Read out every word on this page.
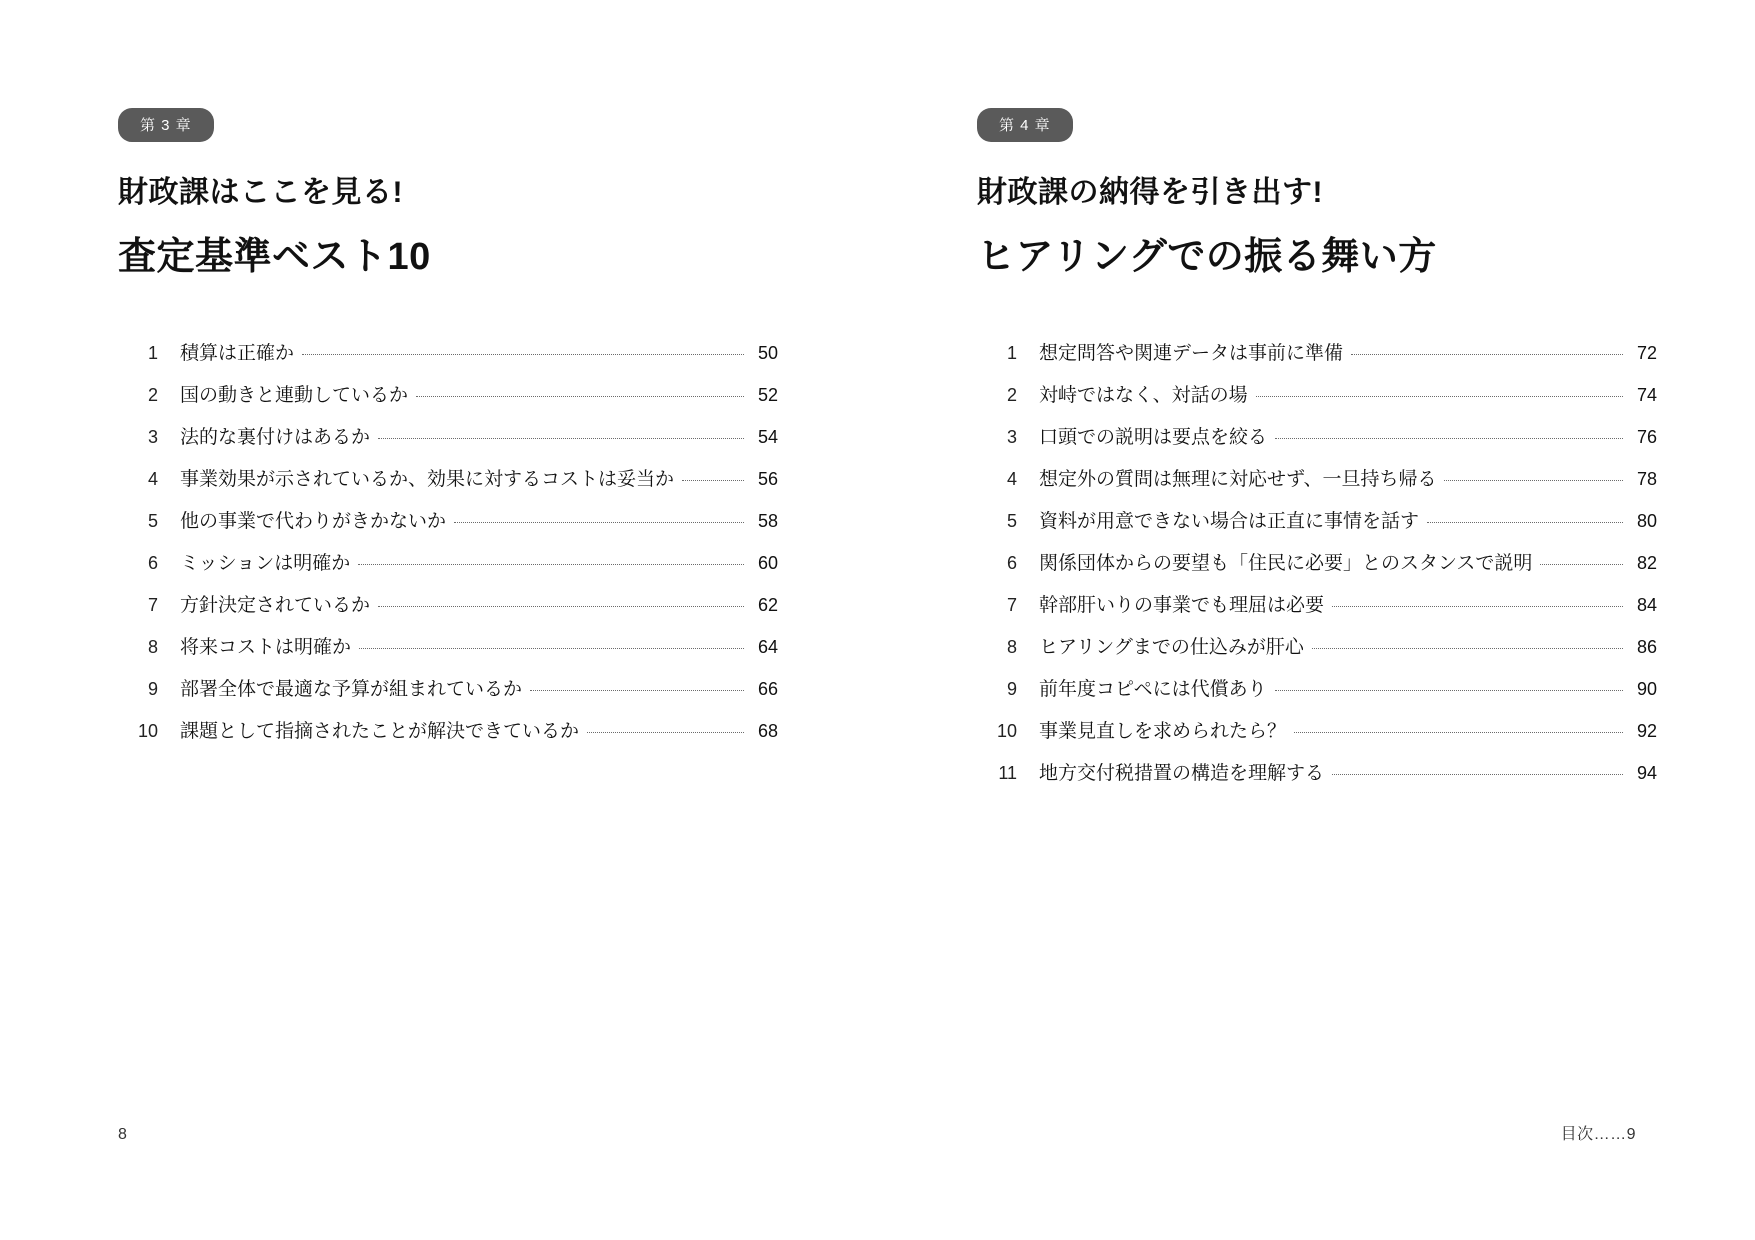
第 3 章
財政課はここを見る!
査定基準ベスト10
1 積算は正確か	50
2 国の動きと連動しているか	52
3 法的な裏付けはあるか	54
4 事業効果が示されているか、効果に対するコストは妥当か	56
5 他の事業で代わりがきかないか	58
6 ミッションは明確か	60
7 方針決定されているか	62
8 将来コストは明確か	64
9 部署全体で最適な予算が組まれているか	66
10 課題として指摘されたことが解決できているか	68
8
第 4 章
財政課の納得を引き出す!
ヒアリングでの振る舞い方
1 想定問答や関連データは事前に準備	72
2 対峙ではなく、対話の場	74
3 口頭での説明は要点を絞る	76
4 想定外の質問は無理に対応せず、一旦持ち帰る	78
5 資料が用意できない場合は正直に事情を話す	80
6 関係団体からの要望も「住民に必要」とのスタンスで説明	82
7 幹部肝いりの事業でも理屈は必要	84
8 ヒアリングまでの仕込みが肝心	86
9 前年度コピペには代償あり	90
10 事業見直しを求められたら？	92
11 地方交付税措置の構造を理解する	94
目次……9
